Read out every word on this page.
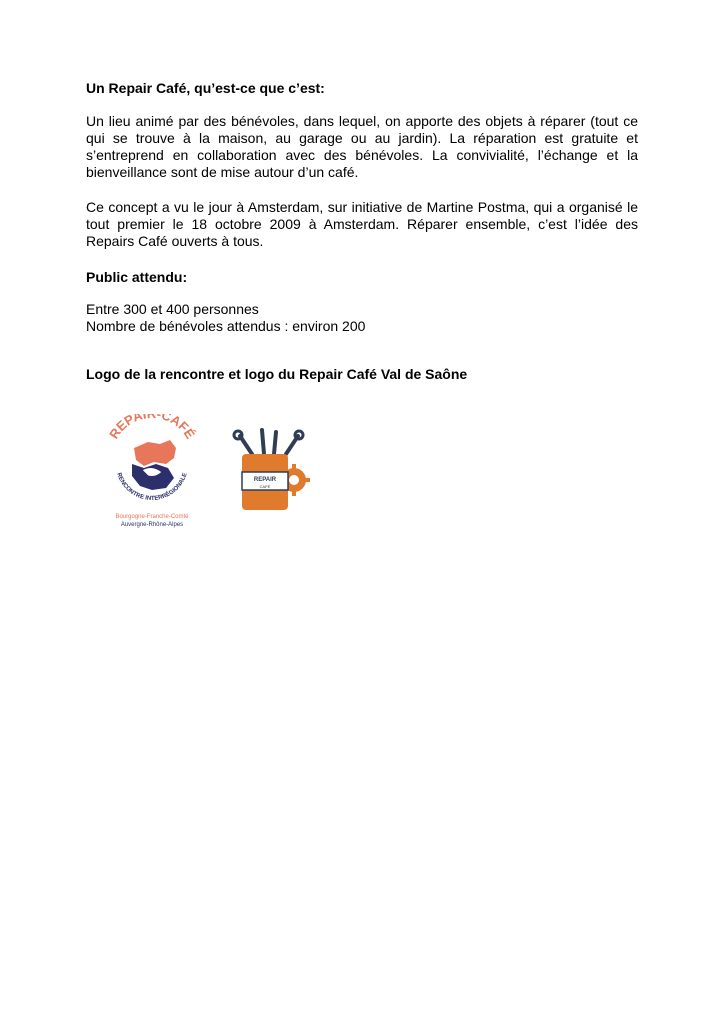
Un Repair Café, qu’est-ce que c’est:
Un lieu animé par des bénévoles, dans lequel, on apporte des objets à réparer (tout ce qui se trouve à la maison, au garage ou au jardin). La réparation est gratuite et s’entreprend en collaboration avec des bénévoles. La convivialité, l’échange et la bienveillance sont de mise autour d’un café.
Ce concept a vu le jour à Amsterdam, sur initiative de Martine Postma, qui a organisé le tout premier le 18 octobre 2009 à Amsterdam. Réparer ensemble, c’est l’idée des Repairs Café ouverts à tous.
Public attendu:
Entre 300 et 400 personnes
Nombre de bénévoles attendus : environ 200
Logo de la rencontre et logo du Repair Café Val de Saône
REPAI -CAFÉ
RENCONTRE INTERRÉGIONALE
Bourgogne-Franche-Comté
Auvergne-Rhône-Alpes
REPAIR
CAFÉ
